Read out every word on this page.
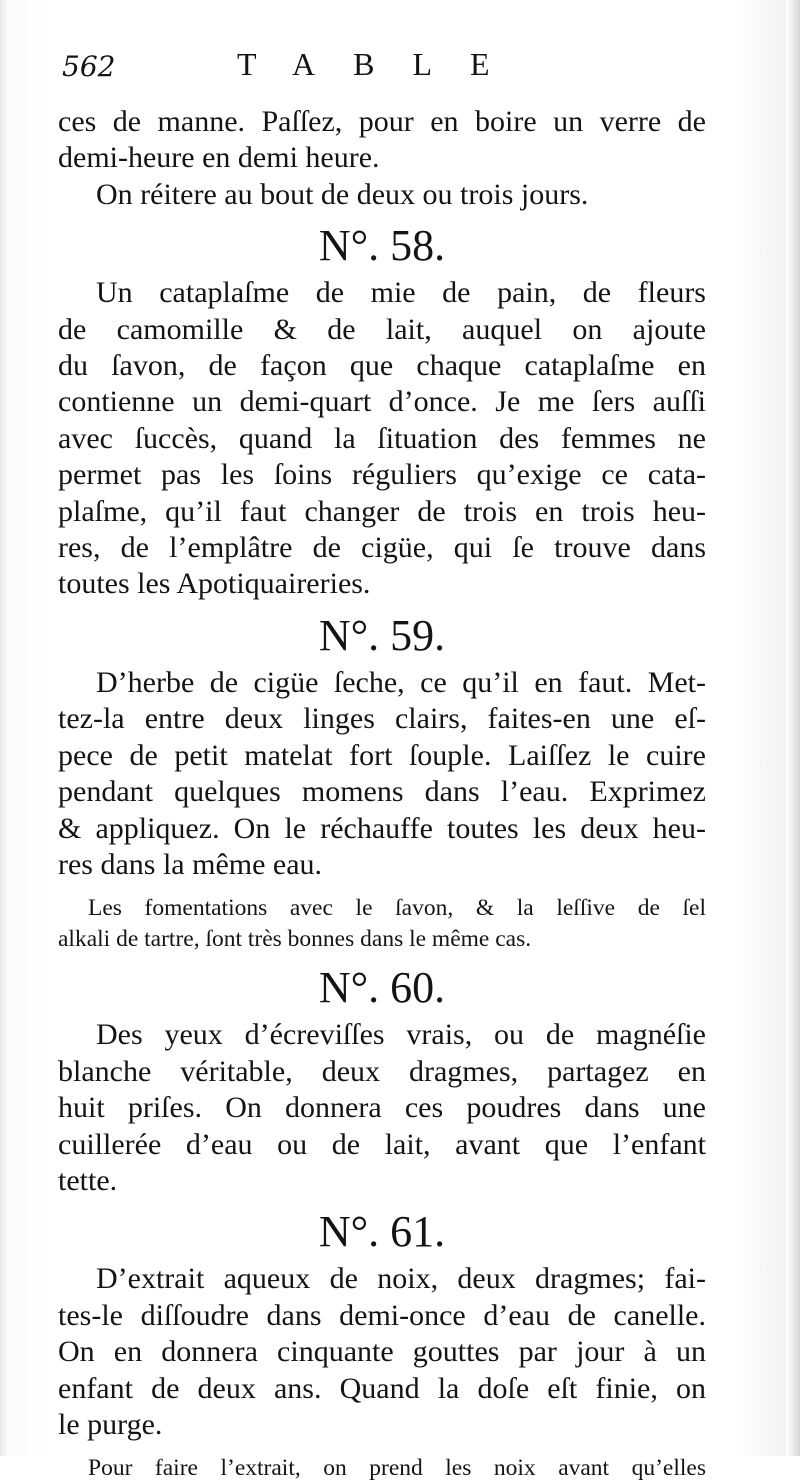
562	TABLE
ces de manne. Paſſez, pour en boire un verre de
demi-heure en demi heure.
On réitere au bout de deux ou trois jours.
N°. 58.
Un cataplaſme de mie de pain, de fleurs
de camomille & de lait, auquel on ajoute
du ſavon, de façon que chaque cataplaſme en
contienne un demi-quart d’once. Je me ſers auſſi
avec ſuccès, quand la ſituation des femmes ne
permet pas les ſoins réguliers qu’exige ce cata-
plaſme, qu’il faut changer de trois en trois heu-
res, de l’emplâtre de cigüe, qui ſe trouve dans
toutes les Apotiquaireries.
N°. 59.
D’herbe de cigüe ſeche, ce qu’il en faut. Met-
tez-la entre deux linges clairs, faites-en une eſ-
pece de petit matelat fort ſouple. Laiſſez le cuire
pendant quelques momens dans l’eau. Exprimez
& appliquez. On le réchauffe toutes les deux heu-
res dans la même eau.
Les fomentations avec le ſavon, & la leſſive de ſel
alkali de tartre, ſont très bonnes dans le même cas.
N°. 60.
Des yeux d’écreviſſes vrais, ou de magnéſie
blanche véritable, deux dragmes, partagez en
huit priſes. On donnera ces poudres dans une
cuillerée d’eau ou de lait, avant que l’enfant
tette.
N°. 61.
D’extrait aqueux de noix, deux dragmes; fai-
tes-le diſſoudre dans demi-once d’eau de canelle.
On en donnera cinquante gouttes par jour à un
enfant de deux ans. Quand la doſe eſt finie, on
le purge.
Pour faire l’extrait, on prend les noix avant qu’elles
